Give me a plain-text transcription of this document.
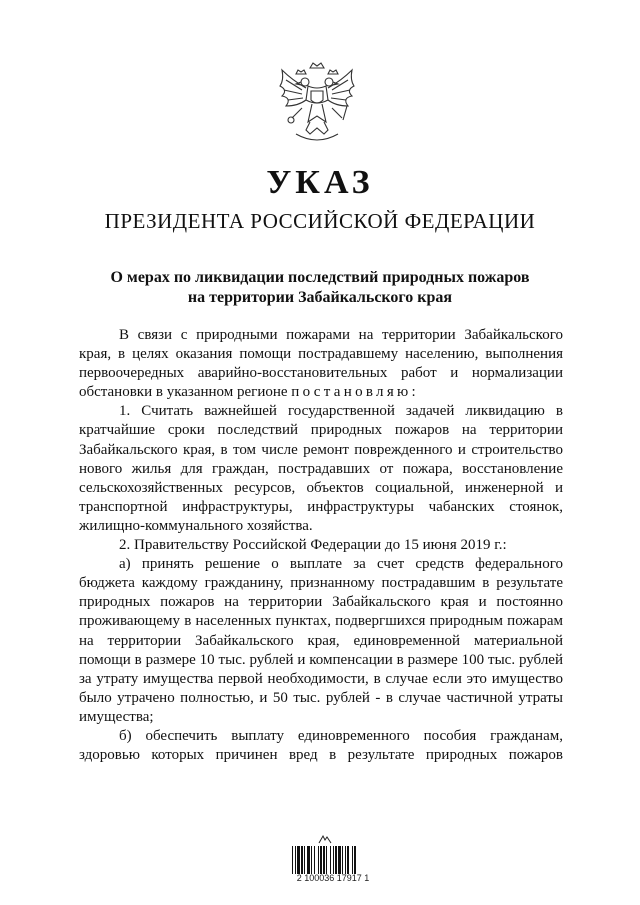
УКАЗ
ПРЕЗИДЕНТА РОССИЙСКОЙ ФЕДЕРАЦИИ
О мерах по ликвидации последствий природных пожаров
на территории Забайкальского края

В связи с природными пожарами на территории Забайкальского края, в целях оказания помощи пострадавшему населению, выполнения первоочередных аварийно-восстановительных работ и нормализации обстановки в указанном регионе постановляю:

1. Считать важнейшей государственной задачей ликвидацию в кратчайшие сроки последствий природных пожаров на территории Забайкальского края, в том числе ремонт поврежденного и строительство нового жилья для граждан, пострадавших от пожара, восстановление сельскохозяйственных ресурсов, объектов социальной, инженерной и транспортной инфраструктуры, инфраструктуры чабанских стоянок, жилищно-коммунального хозяйства.

2. Правительству Российской Федерации до 15 июня 2019 г.:

а) принять решение о выплате за счет средств федерального бюджета каждому гражданину, признанному пострадавшим в результате природных пожаров на территории Забайкальского края и постоянно проживающему в населенных пунктах, подвергшихся природным пожарам на территории Забайкальского края, единовременной материальной помощи в размере 10 тыс. рублей и компенсации в размере 100 тыс. рублей за утрату имущества первой необходимости, в случае если это имущество было утрачено полностью, и 50 тыс. рублей - в случае частичной утраты имущества;

б) обеспечить выплату единовременного пособия гражданам, здоровью которых причинен вред в результате природных пожаров

2 100036 17917 1
